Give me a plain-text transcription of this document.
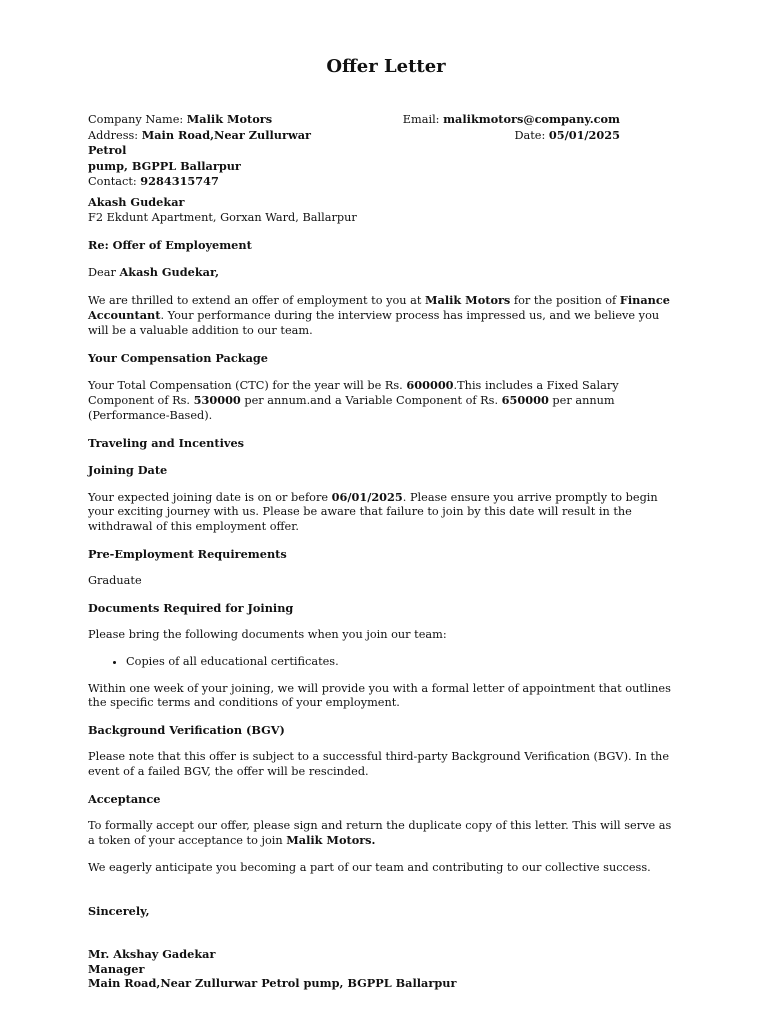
Offer Letter
Company Name: Malik Motors
Address: Main Road,Near Zullurwar Petrol
pump, BGPPL Ballarpur
Contact: 9284315747
Email: malikmotors@company.com
Date: 05/01/2025
Akash Gudekar
F2 Ekdunt Apartment, Gorxan Ward, Ballarpur
Re: Offer of Employement
Dear Akash Gudekar,
We are thrilled to extend an offer of employment to you at Malik Motors for the position of Finance Accountant. Your performance during the interview process has impressed us, and we believe you will be a valuable addition to our team.
Your Compensation Package
Your Total Compensation (CTC) for the year will be Rs. 600000.This includes a Fixed Salary Component of Rs. 530000 per annum.and a Variable Component of Rs. 650000 per annum (Performance-Based).
Traveling and Incentives
Joining Date
Your expected joining date is on or before 06/01/2025. Please ensure you arrive promptly to begin your exciting journey with us. Please be aware that failure to join by this date will result in the withdrawal of this employment offer.
Pre-Employment Requirements
Graduate
Documents Required for Joining
Please bring the following documents when you join our team:
• Copies of all educational certificates.
Within one week of your joining, we will provide you with a formal letter of appointment that outlines the specific terms and conditions of your employment.
Background Verification (BGV)
Please note that this offer is subject to a successful third-party Background Verification (BGV). In the event of a failed BGV, the offer will be rescinded.
Acceptance
To formally accept our offer, please sign and return the duplicate copy of this letter. This will serve as a token of your acceptance to join Malik Motors.
We eagerly anticipate you becoming a part of our team and contributing to our collective success.
Sincerely,
Mr. Akshay Gadekar
Manager
Main Road,Near Zullurwar Petrol pump, BGPPL Ballarpur
